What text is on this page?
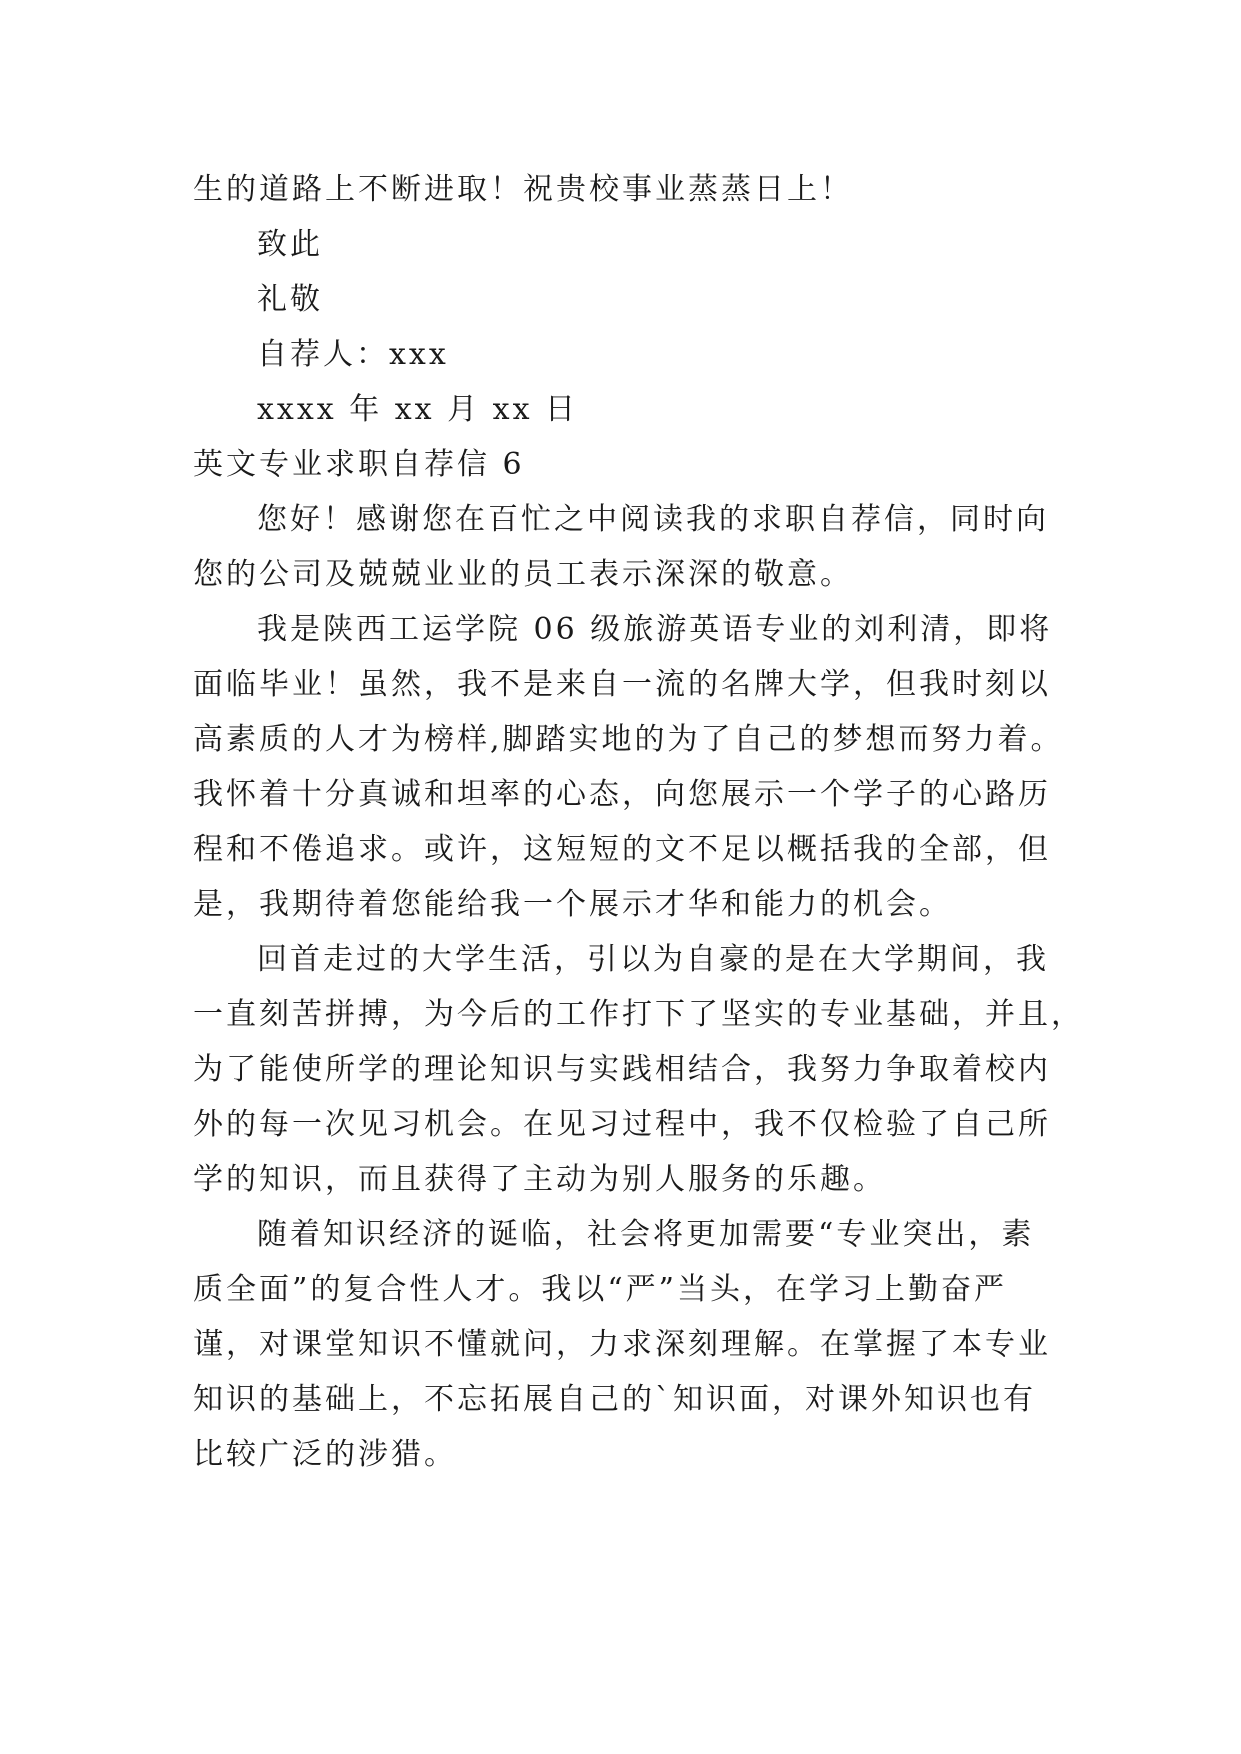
生的道路上不断进取！祝贵校事业蒸蒸日上！
致此
礼敬
自荐人：xxx
xxxx 年 xx 月 xx 日
英文专业求职自荐信 6
您好！感谢您在百忙之中阅读我的求职自荐信，同时向
您的公司及兢兢业业的员工表示深深的敬意。
我是陕西工运学院 06 级旅游英语专业的刘利清，即将
面临毕业！虽然，我不是来自一流的名牌大学，但我时刻以
高素质的人才为榜样,脚踏实地的为了自己的梦想而努力着。
我怀着十分真诚和坦率的心态，向您展示一个学子的心路历
程和不倦追求。或许，这短短的文不足以概括我的全部，但
是，我期待着您能给我一个展示才华和能力的机会。
回首走过的大学生活，引以为自豪的是在大学期间，我
一直刻苦拼搏，为今后的工作打下了坚实的专业基础，并且，
为了能使所学的理论知识与实践相结合，我努力争取着校内
外的每一次见习机会。在见习过程中，我不仅检验了自己所
学的知识，而且获得了主动为别人服务的乐趣。
随着知识经济的诞临，社会将更加需要“专业突出，素
质全面”的复合性人才。我以“严”当头，在学习上勤奋严
谨，对课堂知识不懂就问，力求深刻理解。在掌握了本专业
知识的基础上，不忘拓展自己的`知识面，对课外知识也有
比较广泛的涉猎。
